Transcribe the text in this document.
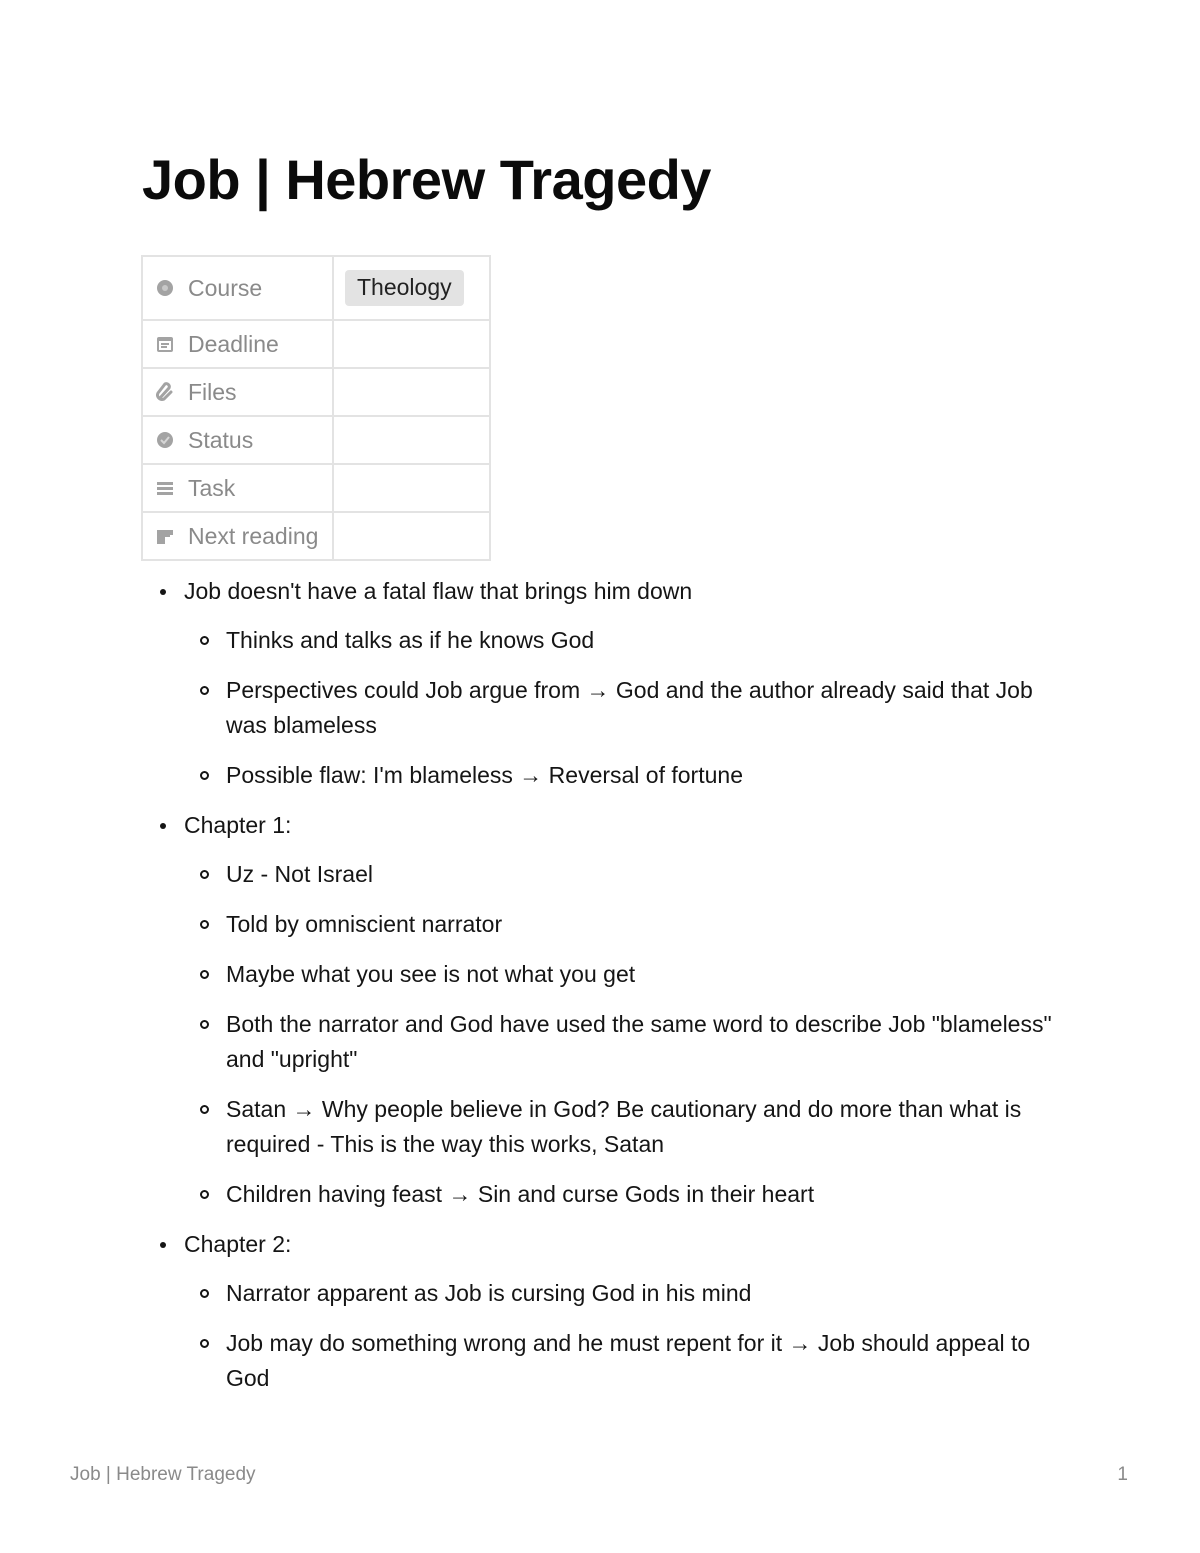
Job | Hebrew Tragedy
Course	Theology

Deadline	

Files	

Status	

Task	

Next reading	

Job doesn't have a fatal flaw that brings him down
Thinks and talks as if he knows God
Perspectives could Job argue from → God and the author already said that Job was blameless
Possible flaw: I'm blameless → Reversal of fortune
Chapter 1:
Uz - Not Israel
Told by omniscient narrator
Maybe what you see is not what you get
Both the narrator and God have used the same word to describe Job "blameless" and "upright"
Satan → Why people believe in God? Be cautionary and do more than what is required - This is the way this works, Satan
Children having feast → Sin and curse Gods in their heart
Chapter 2:
Narrator apparent as Job is cursing God in his mind
Job may do something wrong and he must repent for it → Job should appeal to God
Job | Hebrew Tragedy	1
